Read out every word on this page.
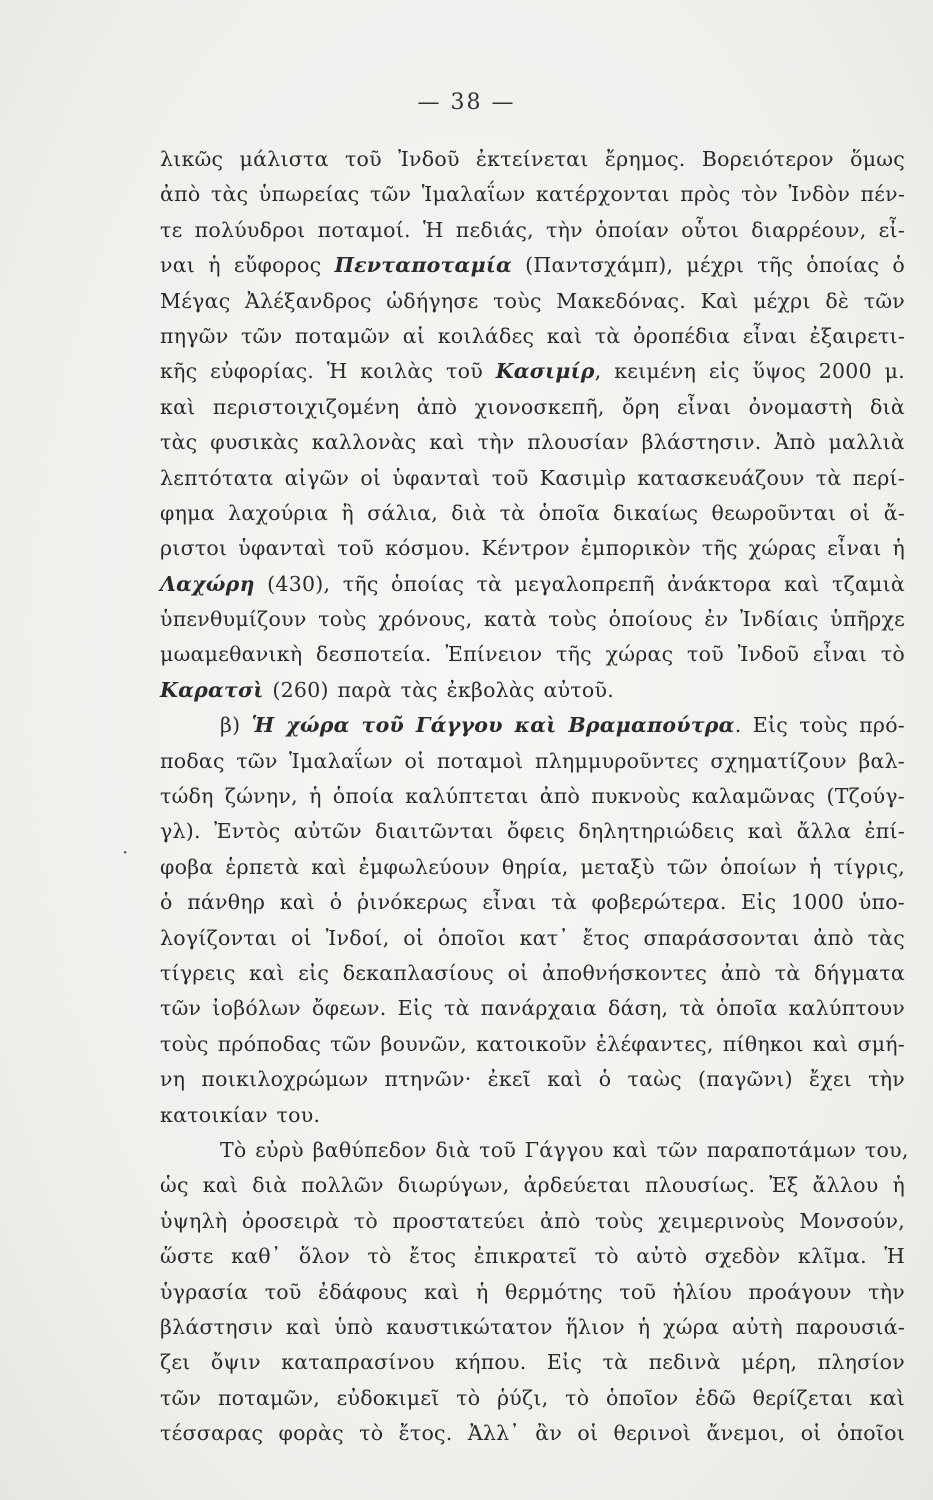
— 38 —
λικῶς μάλιστα τοῦ Ἰνδοῦ ἐκτείνεται ἔρημος. Βορειότερον ὅμως
ἀπὸ τὰς ὑπωρείας τῶν Ἱμαλαΐων κατέρχονται πρὸς τὸν Ἰνδὸν πέν-
τε πολύυδροι ποταμοί. Ἡ πεδιάς, τὴν ὁποίαν οὗτοι διαρρέουν, εἶ-
ναι ἡ εὔφορος Πενταποταμία (Παντσχάμπ), μέχρι τῆς ὁποίας ὁ
Μέγας Ἀλέξανδρος ὡδήγησε τοὺς Μακεδόνας. Καὶ μέχρι δὲ τῶν
πηγῶν τῶν ποταμῶν αἱ κοιλάδες καὶ τὰ ὀροπέδια εἶναι ἐξαιρετι-
κῆς εὐφορίας. Ἡ κοιλὰς τοῦ Κασιμίρ, κειμένη εἰς ὕψος 2000 μ.
καὶ περιστοιχιζομένη ἀπὸ χιονοσκεπῆ, ὄρη εἶναι ὀνομαστὴ διὰ
τὰς φυσικὰς καλλονὰς καὶ τὴν πλουσίαν βλάστησιν. Ἀπὸ μαλλιὰ
λεπτότατα αἰγῶν οἱ ὑφανταὶ τοῦ Κασιμὶρ κατασκευάζουν τὰ περί-
φημα λαχούρια ἢ σάλια, διὰ τὰ ὁποῖα δικαίως θεωροῦνται οἱ ἄ-
ριστοι ὑφανταὶ τοῦ κόσμου. Κέντρον ἐμπορικὸν τῆς χώρας εἶναι ἡ
Λαχώρη (430), τῆς ὁποίας τὰ μεγαλοπρεπῆ ἀνάκτορα καὶ τζαμιὰ
ὑπενθυμίζουν τοὺς χρόνους, κατὰ τοὺς ὁποίους ἐν Ἰνδίαις ὑπῆρχε
μωαμεθανικὴ δεσποτεία. Ἐπίνειον τῆς χώρας τοῦ Ἰνδοῦ εἶναι τὸ
Καρατσὶ (260) παρὰ τὰς ἐκβολὰς αὐτοῦ.
β) Ἡ χώρα τοῦ Γάγγου καὶ Βραμαπούτρα. Εἰς τοὺς πρό-
ποδας τῶν Ἱμαλαΐων οἱ ποταμοὶ πλημμυροῦντες σχηματίζουν βαλ-
τώδη ζώνην, ἡ ὁποία καλύπτεται ἀπὸ πυκνοὺς καλαμῶνας (Τζούγ-
γλ). Ἐντὸς αὐτῶν διαιτῶνται ὄφεις δηλητηριώδεις καὶ ἄλλα ἐπί-
φοβα ἑρπετὰ καὶ ἐμφωλεύουν θηρία, μεταξὺ τῶν ὁποίων ἡ τίγρις,
ὁ πάνθηρ καὶ ὁ ῥινόκερως εἶναι τὰ φοβερώτερα. Εἰς 1000 ὑπο-
λογίζονται οἱ Ἰνδοί, οἱ ὁποῖοι κατ᾽ ἔτος σπαράσσονται ἀπὸ τὰς
τίγρεις καὶ εἰς δεκαπλασίους οἱ ἀποθνήσκοντες ἀπὸ τὰ δήγματα
τῶν ἰοβόλων ὄφεων. Εἰς τὰ πανάρχαια δάση, τὰ ὁποῖα καλύπτουν
τοὺς πρόποδας τῶν βουνῶν, κατοικοῦν ἐλέφαντες, πίθηκοι καὶ σμή-
νη ποικιλοχρώμων πτηνῶν· ἐκεῖ καὶ ὁ ταὼς (παγῶνι) ἔχει τὴν
κατοικίαν του.
Τὸ εὐρὺ βαθύπεδον διὰ τοῦ Γάγγου καὶ τῶν παραποτάμων του,
ὡς καὶ διὰ πολλῶν διωρύγων, ἀρδεύεται πλουσίως. Ἐξ ἄλλου ἡ
ὑψηλὴ ὀροσειρὰ τὸ προστατεύει ἀπὸ τοὺς χειμερινοὺς Μονσούν,
ὥστε καθ᾽ ὅλον τὸ ἔτος ἐπικρατεῖ τὸ αὐτὸ σχεδὸν κλῖμα. Ἡ
ὑγρασία τοῦ ἐδάφους καὶ ἡ θερμότης τοῦ ἡλίου προάγουν τὴν
βλάστησιν καὶ ὑπὸ καυστικώτατον ἥλιον ἡ χώρα αὐτὴ παρουσιά-
ζει ὄψιν καταπρασίνου κήπου. Εἰς τὰ πεδινὰ μέρη, πλησίον
τῶν ποταμῶν, εὐδοκιμεῖ τὸ ῥύζι, τὸ ὁποῖον ἐδῶ θερίζεται καὶ
τέσσαρας φορὰς τὸ ἔτος. Ἀλλ᾽ ἂν οἱ θερινοὶ ἄνεμοι, οἱ ὁποῖοι
·
